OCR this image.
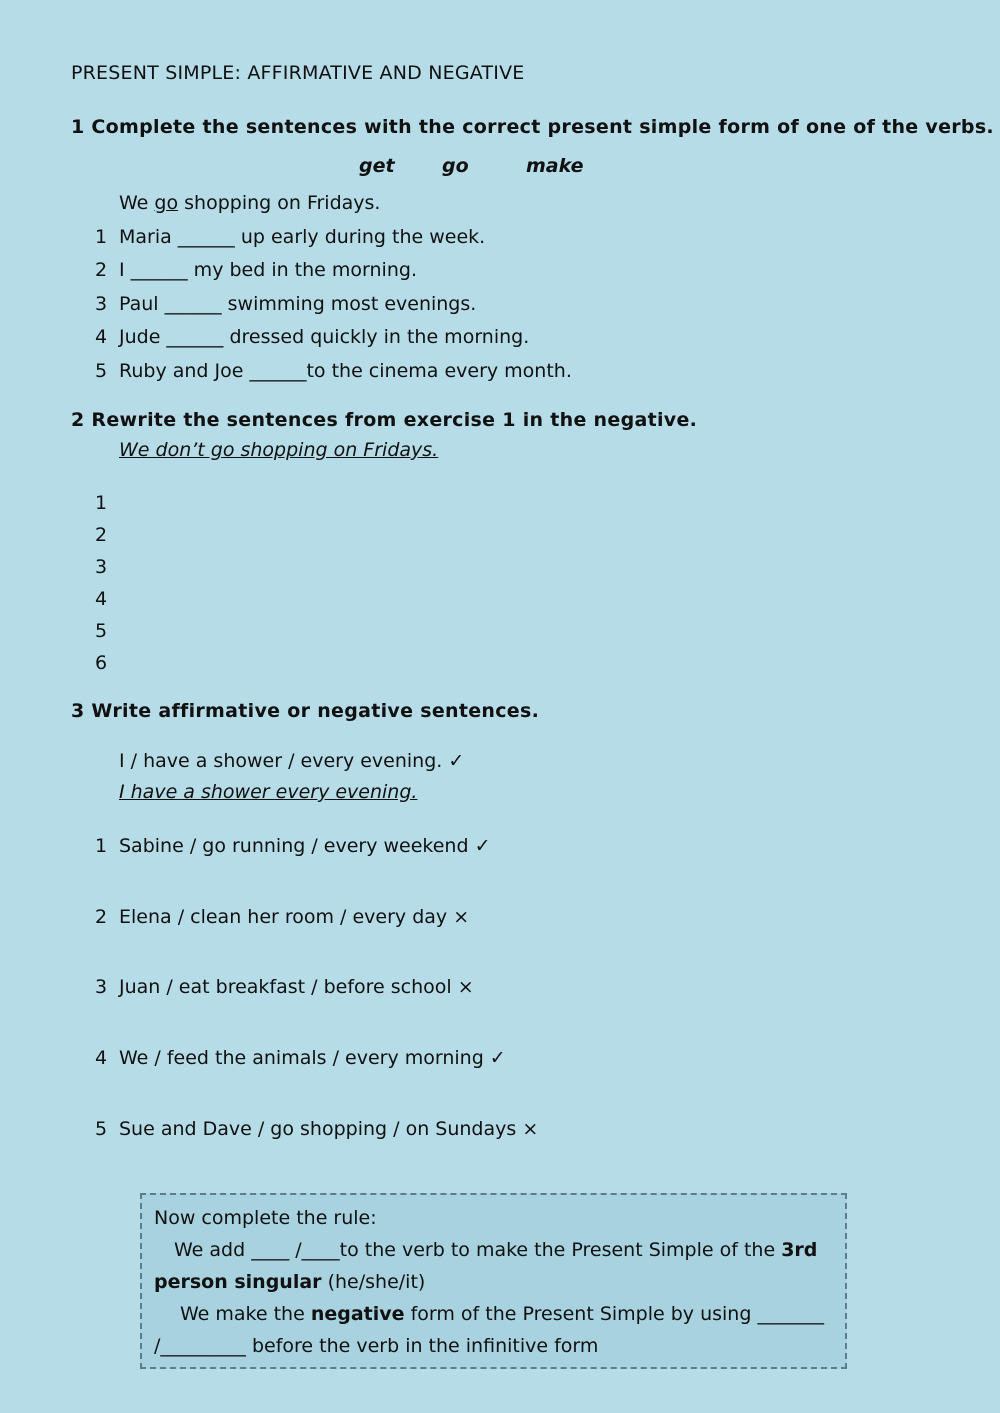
PRESENT SIMPLE: AFFIRMATIVE AND NEGATIVE
1 Complete the sentences with the correct present simple form of one of the verbs.
get go	make
We go shopping on Fridays.
1 Maria ______ up early during the week.
2 I ______ my bed in the morning.
3 Paul ______ swimming most evenings.
4 Jude ______ dressed quickly in the morning.
5 Ruby and Joe ______to the cinema every month.
2 Rewrite the sentences from exercise 1 in the negative.
We don’t go shopping on Fridays.
1
2
3
4
5
6
3 Write affirmative or negative sentences.
I / have a shower / every evening. ✓
I have a shower every evening.
1 Sabine / go running / every weekend ✓
2 Elena / clean her room / every day ×
3 Juan / eat breakfast / before school ×
4 We / feed the animals / every morning ✓
5 Sue and Dave / go shopping / on Sundays ×
Now complete the rule:
We add ____ /____to the verb to make the Present Simple of the 3rd
person singular (he/she/it)
We make the negative form of the Present Simple by using _______
/_________ before the verb in the infinitive form
